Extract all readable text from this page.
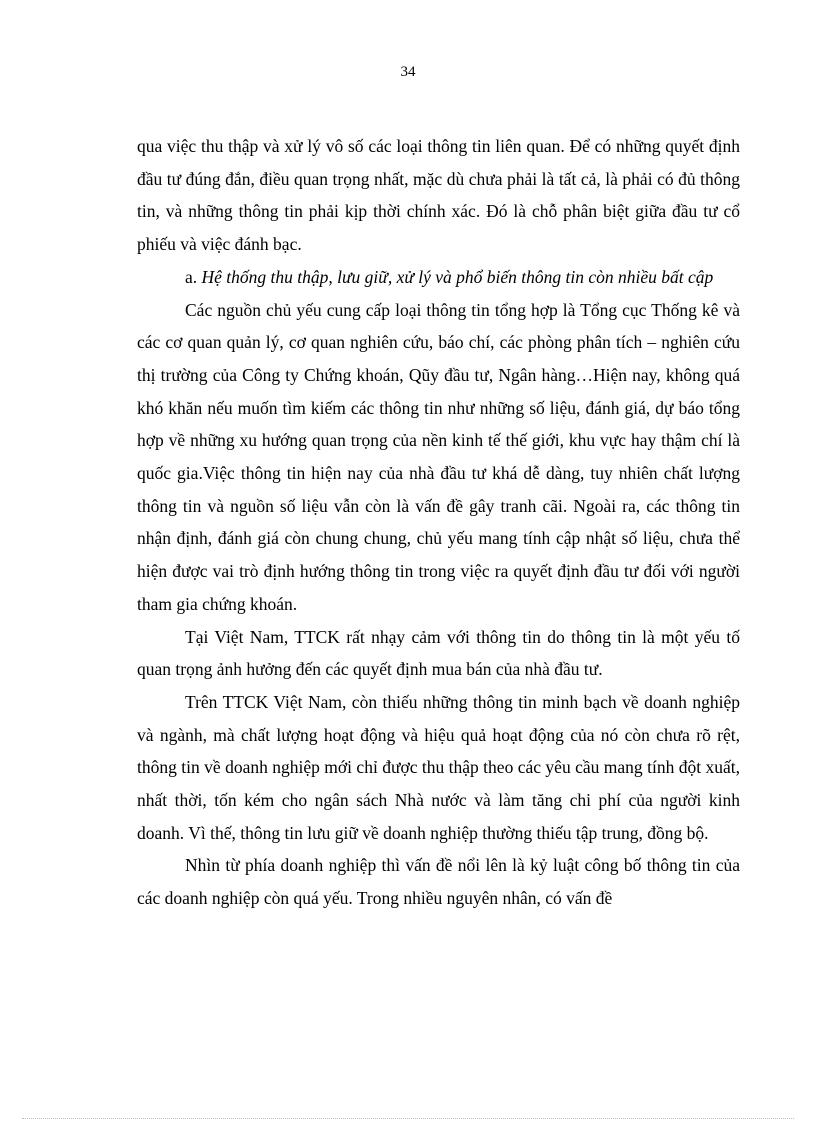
34

qua việc thu thập và xử lý vô số các loại thông tin liên quan. Để có những quyết định đầu tư đúng đắn, điều quan trọng nhất, mặc dù chưa phải là tất cả, là phải có đủ thông tin, và những thông tin phải kịp thời chính xác. Đó là chỗ phân biệt giữa đầu tư cổ phiếu và việc đánh bạc.

a. Hệ thống thu thập, lưu giữ, xử lý và phổ biến thông tin còn nhiều bất cập

Các nguồn chủ yếu cung cấp loại thông tin tổng hợp là Tổng cục Thống kê và các cơ quan quản lý, cơ quan nghiên cứu, báo chí, các phòng phân tích – nghiên cứu thị trường của Công ty Chứng khoán, Qũy đầu tư, Ngân hàng…Hiện nay, không quá khó khăn nếu muốn tìm kiếm các thông tin như những số liệu, đánh giá, dự báo tổng hợp về những xu hướng quan trọng của nền kinh tế thế giới, khu vực hay thậm chí là quốc gia.Việc thông tin hiện nay của nhà đầu tư khá dễ dàng, tuy nhiên chất lượng thông tin và nguồn số liệu vẫn còn là vấn đề gây tranh cãi. Ngoài ra, các thông tin nhận định, đánh giá còn chung chung, chủ yếu mang tính cập nhật số liệu, chưa thể hiện được vai trò định hướng thông tin trong việc ra quyết định đầu tư đối với người tham gia chứng khoán.

Tại Việt Nam, TTCK rất nhạy cảm với thông tin do thông tin là một yếu tố quan trọng ảnh hưởng đến các quyết định mua bán của nhà đầu tư.

Trên TTCK Việt Nam, còn thiếu những thông tin minh bạch về doanh nghiệp và ngành, mà chất lượng hoạt động và hiệu quả hoạt động của nó còn chưa rõ rệt, thông tin về doanh nghiệp mới chỉ được thu thập theo các yêu cầu mang tính đột xuất, nhất thời, tốn kém cho ngân sách Nhà nước và làm tăng chi phí của người kinh doanh. Vì thế, thông tin lưu giữ về doanh nghiệp thường thiếu tập trung, đồng bộ.

Nhìn từ phía doanh nghiệp thì vấn đề nổi lên là kỷ luật công bố thông tin của các doanh nghiệp còn quá yếu. Trong nhiều nguyên nhân, có vấn đề
